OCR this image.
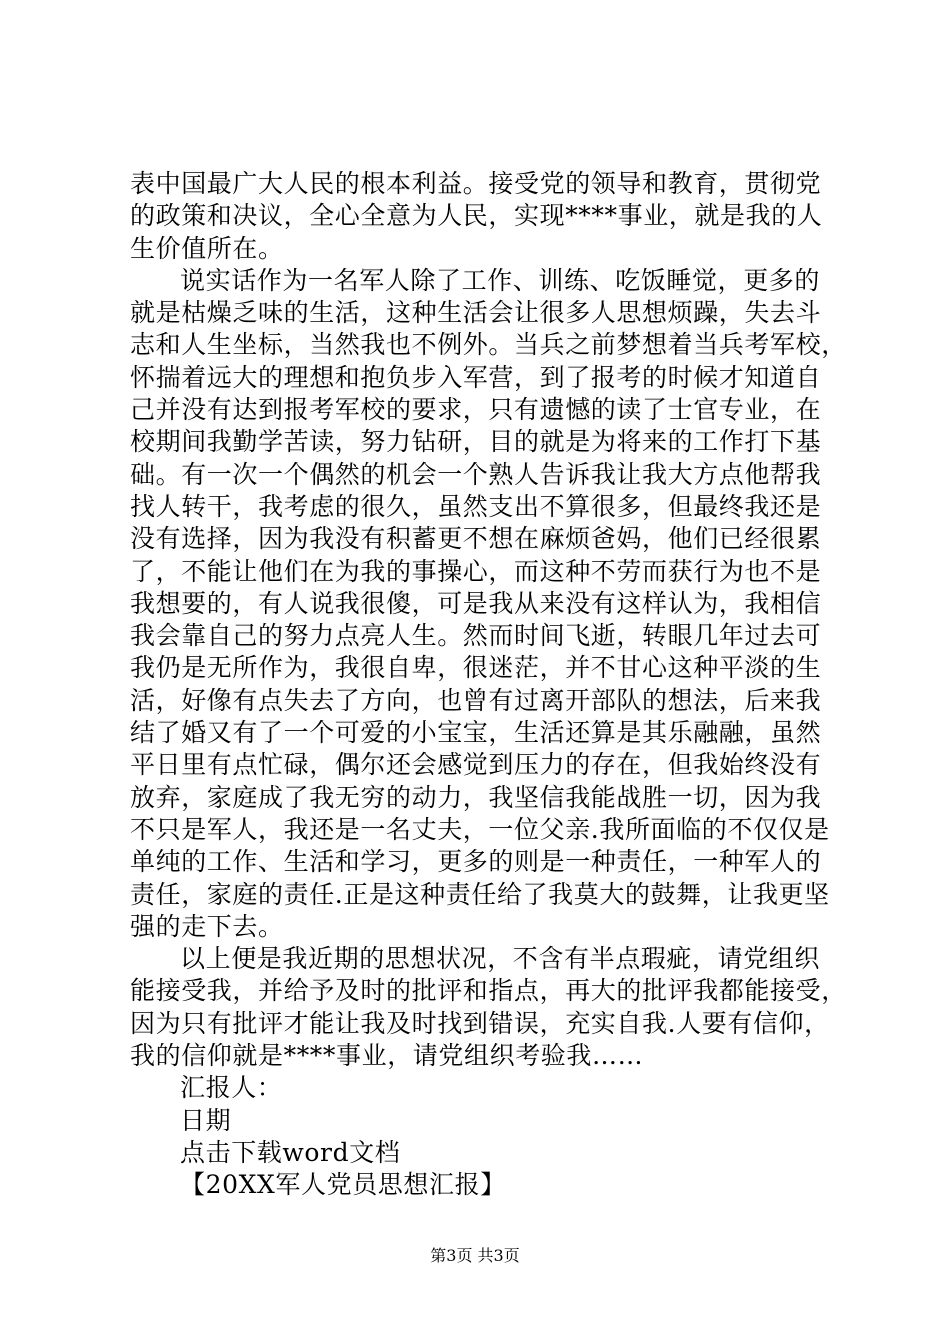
表中国最广大人民的根本利益。接受党的领导和教育，贯彻党
的政策和决议，全心全意为人民，实现****事业，就是我的人
生价值所在。
说实话作为一名军人除了工作、训练、吃饭睡觉，更多的
就是枯燥乏味的生活，这种生活会让很多人思想烦躁，失去斗
志和人生坐标，当然我也不例外。当兵之前梦想着当兵考军校，
怀揣着远大的理想和抱负步入军营，到了报考的时候才知道自
己并没有达到报考军校的要求，只有遗憾的读了士官专业，在
校期间我勤学苦读，努力钻研，目的就是为将来的工作打下基
础。有一次一个偶然的机会一个熟人告诉我让我大方点他帮我
找人转干，我考虑的很久，虽然支出不算很多，但最终我还是
没有选择，因为我没有积蓄更不想在麻烦爸妈，他们已经很累
了，不能让他们在为我的事操心，而这种不劳而获行为也不是
我想要的，有人说我很傻，可是我从来没有这样认为，我相信
我会靠自己的努力点亮人生。然而时间飞逝，转眼几年过去可
我仍是无所作为，我很自卑，很迷茫，并不甘心这种平淡的生
活，好像有点失去了方向，也曾有过离开部队的想法，后来我
结了婚又有了一个可爱的小宝宝，生活还算是其乐融融，虽然
平日里有点忙碌，偶尔还会感觉到压力的存在，但我始终没有
放弃，家庭成了我无穷的动力，我坚信我能战胜一切，因为我
不只是军人，我还是一名丈夫，一位父亲.我所面临的不仅仅是
单纯的工作、生活和学习，更多的则是一种责任，一种军人的
责任，家庭的责任.正是这种责任给了我莫大的鼓舞，让我更坚
强的走下去。
以上便是我近期的思想状况，不含有半点瑕疵，请党组织
能接受我，并给予及时的批评和指点，再大的批评我都能接受，
因为只有批评才能让我及时找到错误，充实自我.人要有信仰，
我的信仰就是****事业，请党组织考验我……
汇报人：
日期
点击下载word文档
【20XX军人党员思想汇报】
第3页 共3页
